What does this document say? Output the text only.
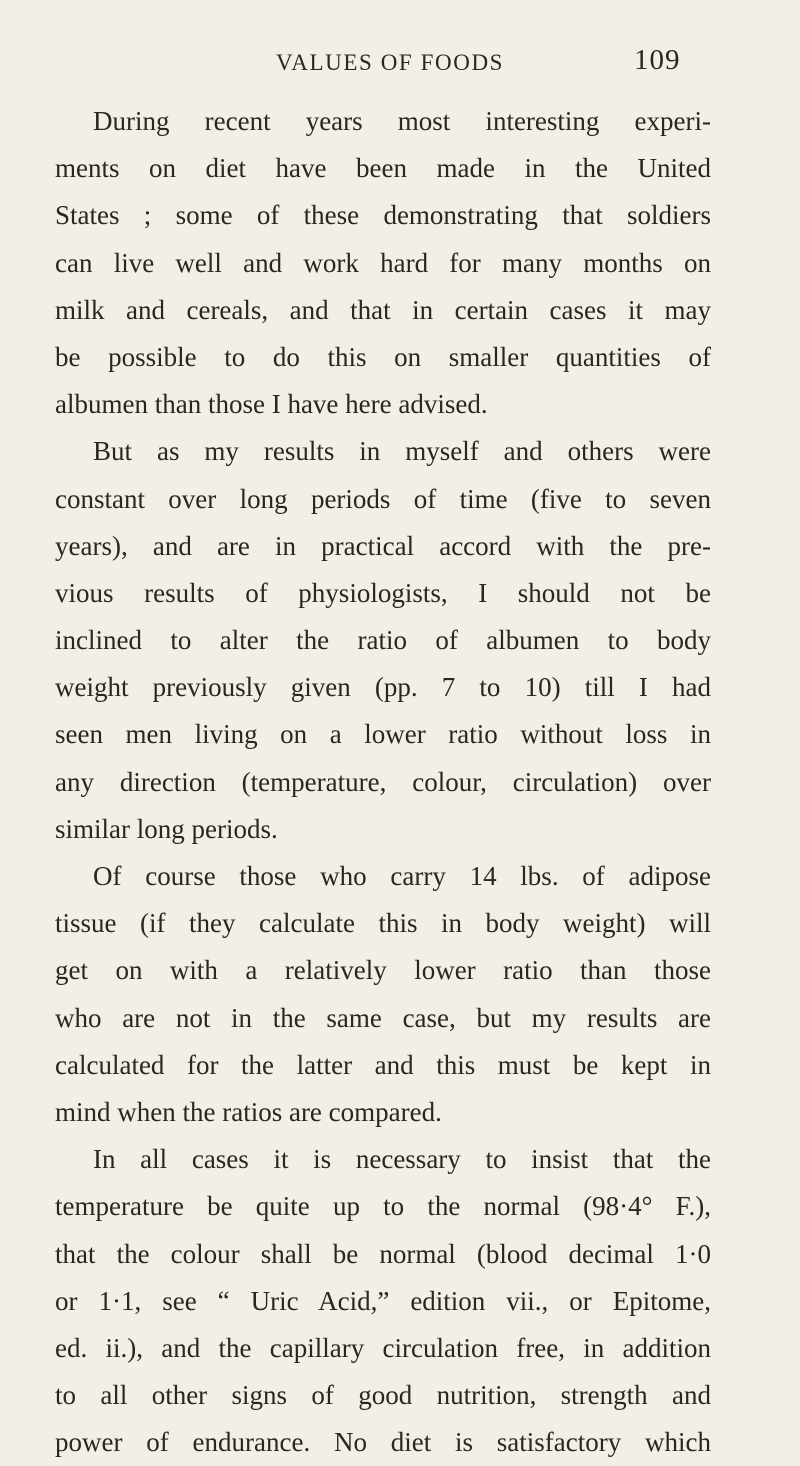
VALUES OF FOODS	109
During recent years most interesting experi-
ments on diet have been made in the United
States ; some of these demonstrating that soldiers
can live well and work hard for many months on
milk and cereals, and that in certain cases it may
be possible to do this on smaller quantities of
albumen than those I have here advised.
But as my results in myself and others were
constant over long periods of time (five to seven
years), and are in practical accord with the pre-
vious results of physiologists, I should not be
inclined to alter the ratio of albumen to body
weight previously given (pp. 7 to 10) till I had
seen men living on a lower ratio without loss in
any direction (temperature, colour, circulation) over
similar long periods.
Of course those who carry 14 lbs. of adipose
tissue (if they calculate this in body weight) will
get on with a relatively lower ratio than those
who are not in the same case, but my results are
calculated for the latter and this must be kept in
mind when the ratios are compared.
In all cases it is necessary to insist that the
temperature be quite up to the normal (98·4° F.),
that the colour shall be normal (blood decimal 1·0
or 1·1, see “ Uric Acid,” edition vii., or Epitome,
ed. ii.), and the capillary circulation free, in addition
to all other signs of good nutrition, strength and
power of endurance. No diet is satisfactory which
